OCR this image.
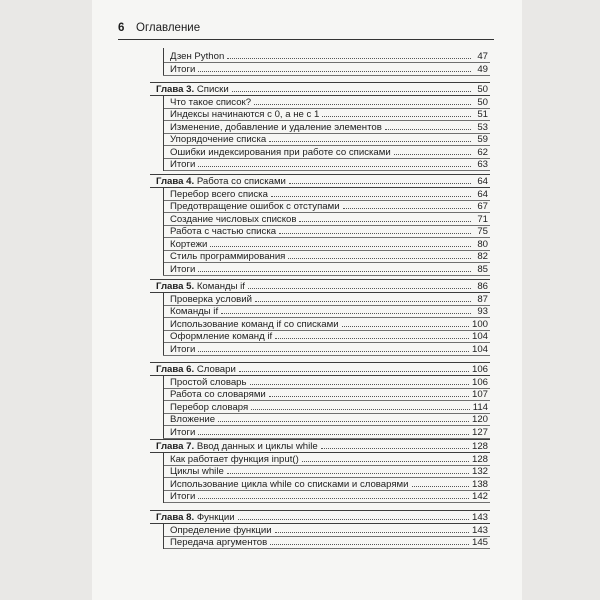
6 Оглавление
Дзен Python	47
Итоги	49
Глава 3. Списки	50
Что такое список?	50
Индексы начинаются с 0, а не с 1	51
Изменение, добавление и удаление элементов	53
Упорядочение списка	59
Ошибки индексирования при работе со списками	62
Итоги	63
Глава 4. Работа со списками	64
Перебор всего списка	64
Предотвращение ошибок с отступами	67
Создание числовых списков	71
Работа с частью списка	75
Кортежи	80
Стиль программирования	82
Итоги	85
Глава 5. Команды if	86
Проверка условий	87
Команды if	93
Использование команд if со списками	100
Оформление команд if	104
Итоги	104
Глава 6. Словари	106
Простой словарь	106
Работа со словарями	107
Перебор словаря	114
Вложение	120
Итоги	127
Глава 7. Ввод данных и циклы while	128
Как работает функция input()	128
Циклы while	132
Использование цикла while со списками и словарями	138
Итоги	142
Глава 8. Функции	143
Определение функции	143
Передача аргументов	145
